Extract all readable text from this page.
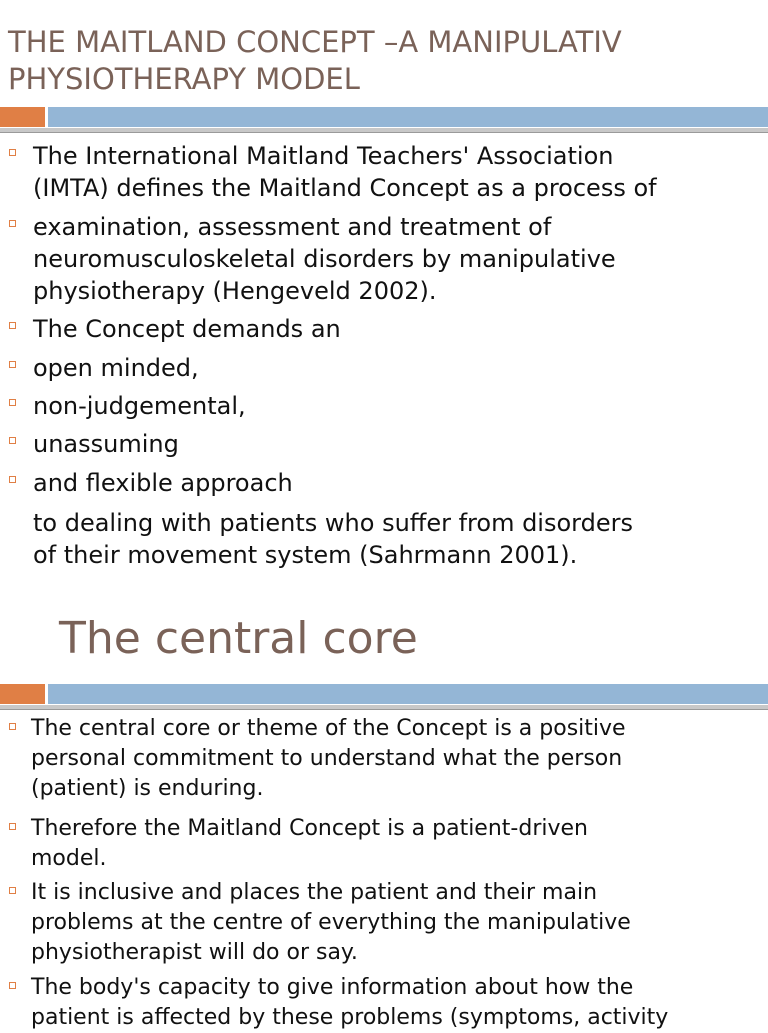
THE MAITLAND CONCEPT –A MANIPULATIV
PHYSIOTHERAPY MODEL
The International Maitland Teachers' Association
(IMTA) defines the Maitland Concept as a process of
examination, assessment and treatment of
neuromusculoskeletal disorders by manipulative
physiotherapy (Hengeveld 2002).
The Concept demands an
open minded,
non-judgemental,
unassuming
and flexible approach
to dealing with patients who suffer from disorders
of their movement system (Sahrmann 2001).
The central core
The central core or theme of the Concept is a positive
personal commitment to understand what the person
(patient) is enduring.
Therefore the Maitland Concept is a patient-driven
model.
It is inclusive and places the patient and their main
problems at the centre of everything the manipulative
physiotherapist will do or say.
The body's capacity to give information about how the
patient is affected by these problems (symptoms, activity
